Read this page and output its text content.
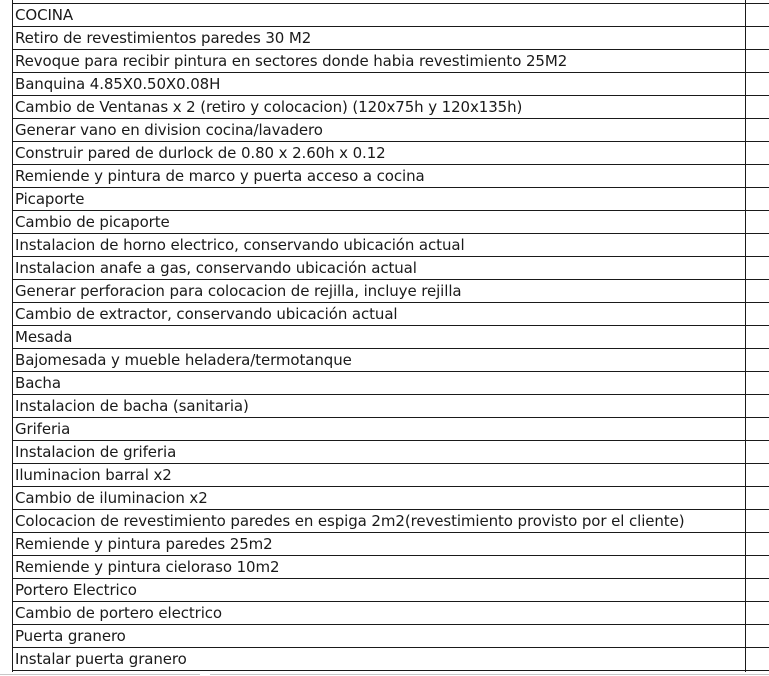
COCINA
Retiro de revestimientos paredes 30 M2
Revoque para recibir pintura en sectores donde habia revestimiento 25M2
Banquina 4.85X0.50X0.08H
Cambio de Ventanas x 2 (retiro y colocacion) (120x75h y 120x135h)
Generar vano en division cocina/lavadero
Construir pared de durlock de 0.80 x 2.60h x 0.12
Remiende y pintura de marco y puerta acceso a cocina
Picaporte
Cambio de picaporte
Instalacion de horno electrico, conservando ubicación actual
Instalacion anafe a gas, conservando ubicación actual
Generar perforacion para colocacion de rejilla, incluye rejilla
Cambio de extractor, conservando ubicación actual
Mesada
Bajomesada y mueble heladera/termotanque
Bacha
Instalacion de bacha (sanitaria)
Griferia
Instalacion de griferia
Iluminacion barral x2
Cambio de iluminacion x2
Colocacion de revestimiento paredes en espiga 2m2(revestimiento provisto por el cliente)
Remiende y pintura paredes 25m2
Remiende y pintura cieloraso 10m2
Portero Electrico
Cambio de portero electrico
Puerta granero
Instalar puerta granero
